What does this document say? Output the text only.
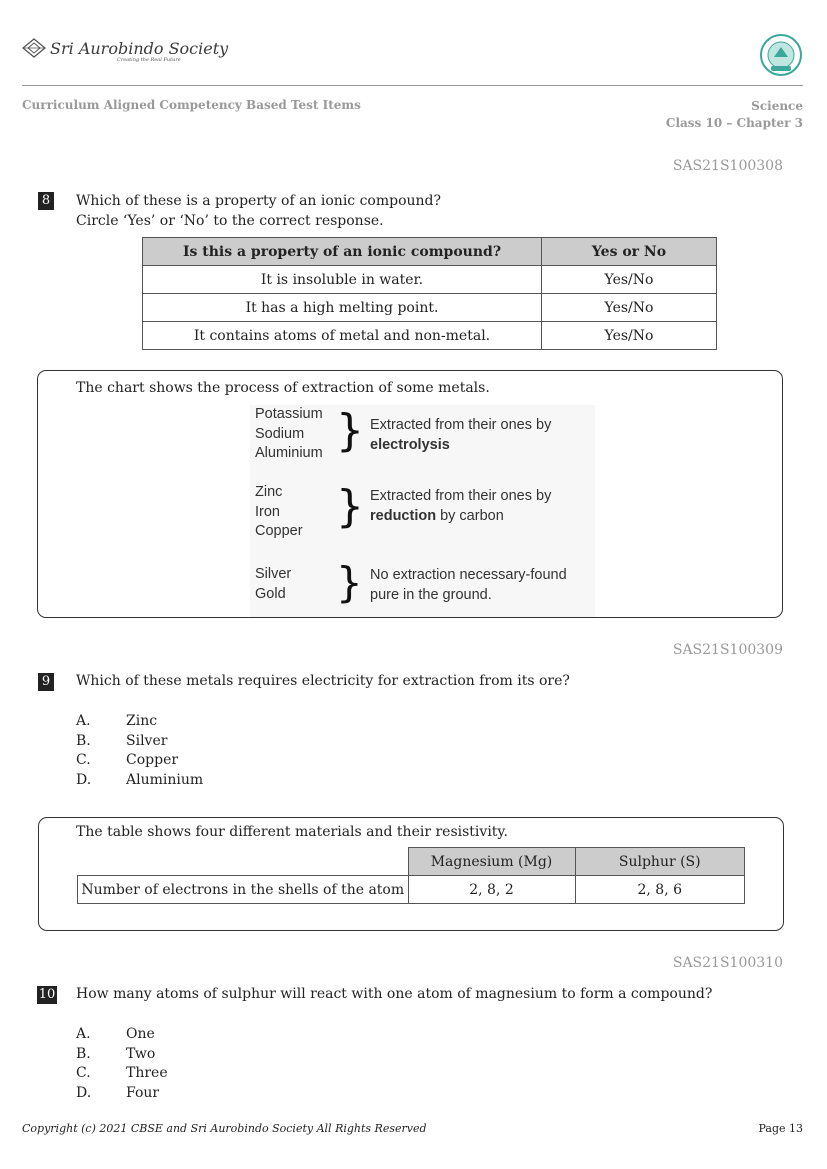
Sri Aurobindo Society
Creating the Real Future
Curriculum Aligned Competency Based Test Items	Science
Class 10 – Chapter 3
SAS21S100308
8 Which of these is a property of an ionic compound?
Circle ‘Yes’ or ‘No’ to the correct response.
Is this a property of an ionic compound?	Yes or No
It is insoluble in water.	Yes/No
It has a high melting point.	Yes/No
It contains atoms of metal and non-metal.	Yes/No
The chart shows the process of extraction of some metals.
Potassium
Sodium
Aluminium } Extracted from their ones by
electrolysis
Zinc
Iron
Copper } Extracted from their ones by
reduction by carbon
Silver
Gold } No extraction necessary-found
pure in the ground.
SAS21S100309
9 Which of these metals requires electricity for extraction from its ore?
A.	Zinc
B.	Silver
C.	Copper
D. Aluminium
The table shows four different materials and their resistivity.
	Magnesium (Mg)	Sulphur (S)
Number of electrons in the shells of the atom	2, 8, 2	2, 8, 6
SAS21S100310
10 How many atoms of sulphur will react with one atom of magnesium to form a compound?
A.	One
B.	Two
C.	Three
D. Four
Copyright (c) 2021 CBSE and Sri Aurobindo Society All Rights Reserved	Page 13
